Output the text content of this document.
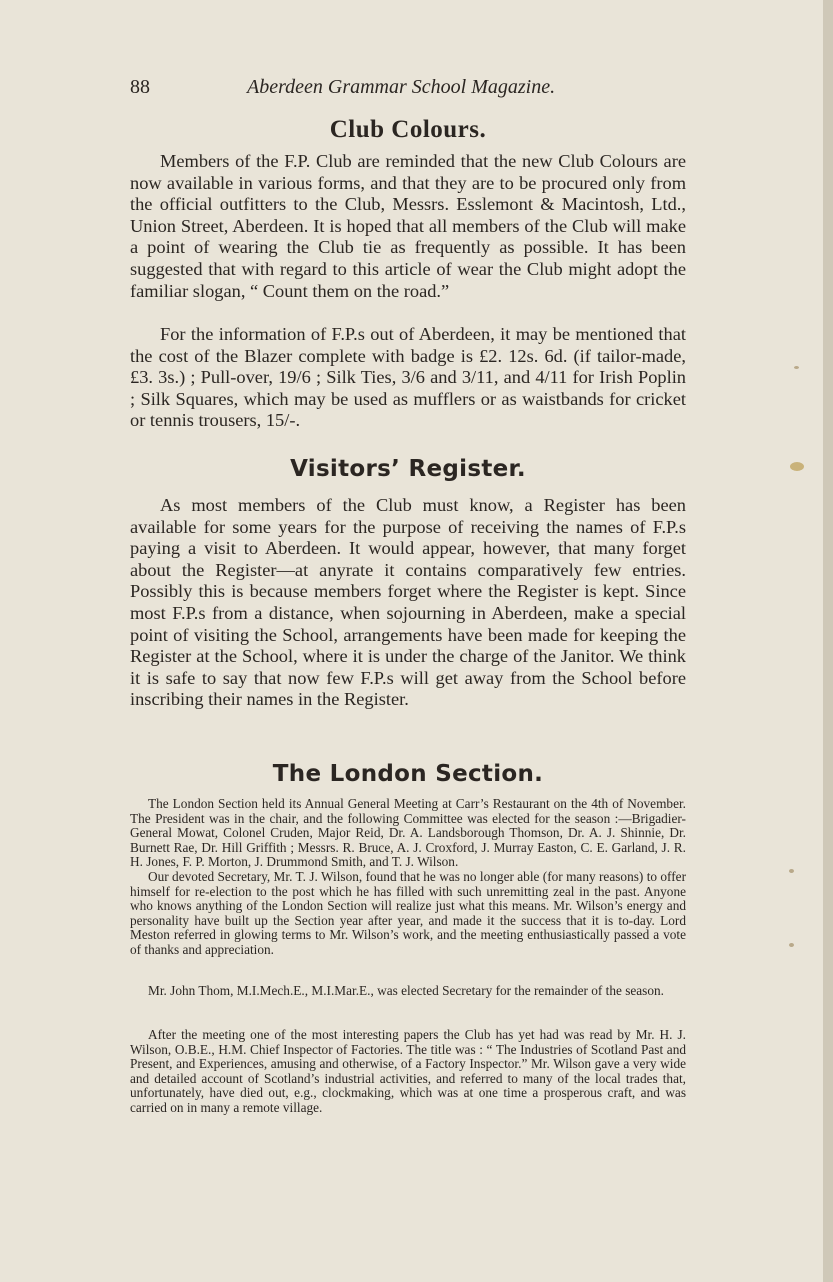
88	Aberdeen Grammar School Magazine.
Club Colours.

Members of the F.P. Club are reminded that the new Club Colours are now available in various forms, and that they are to be procured only from the official outfitters to the Club, Messrs. Esslemont & Macintosh, Ltd., Union Street, Aberdeen. It is hoped that all members of the Club will make a point of wearing the Club tie as frequently as possible. It has been suggested that with regard to this article of wear the Club might adopt the familiar slogan, “ Count them on the road.”

For the information of F.P.s out of Aberdeen, it may be mentioned that the cost of the Blazer complete with badge is £2. 12s. 6d. (if tailor-made, £3. 3s.) ; Pull-over, 19/6 ; Silk Ties, 3/6 and 3/11, and 4/11 for Irish Poplin ; Silk Squares, which may be used as mufflers or as waistbands for cricket or tennis trousers, 15/-.

Visitors’ Register.

As most members of the Club must know, a Register has been available for some years for the purpose of receiving the names of F.P.s paying a visit to Aberdeen. It would appear, however, that many forget about the Register—at anyrate it contains comparatively few entries. Possibly this is because members forget where the Register is kept. Since most F.P.s from a distance, when sojourning in Aberdeen, make a special point of visiting the School, arrangements have been made for keeping the Register at the School, where it is under the charge of the Janitor. We think it is safe to say that now few F.P.s will get away from the School before inscribing their names in the Register.

The London Section.

The London Section held its Annual General Meeting at Carr’s Restaurant on the 4th of November. The President was in the chair, and the following Committee was elected for the season :—Brigadier-General Mowat, Colonel Cruden, Major Reid, Dr. A. Landsborough Thomson, Dr. A. J. Shinnie, Dr. Burnett Rae, Dr. Hill Griffith ; Messrs. R. Bruce, A. J. Croxford, J. Murray Easton, C. E. Garland, J. R. H. Jones, F. P. Morton, J. Drummond Smith, and T. J. Wilson.

Our devoted Secretary, Mr. T. J. Wilson, found that he was no longer able (for many reasons) to offer himself for re-election to the post which he has filled with such unremitting zeal in the past. Anyone who knows anything of the London Section will realize just what this means. Mr. Wilson’s energy and personality have built up the Section year after year, and made it the success that it is to-day. Lord Meston referred in glowing terms to Mr. Wilson’s work, and the meeting enthusiastically passed a vote of thanks and appreciation.

Mr. John Thom, M.I.Mech.E., M.I.Mar.E., was elected Secretary for the remainder of the season.

After the meeting one of the most interesting papers the Club has yet had was read by Mr. H. J. Wilson, O.B.E., H.M. Chief Inspector of Factories. The title was : “ The Industries of Scotland Past and Present, and Experiences, amusing and otherwise, of a Factory Inspector.” Mr. Wilson gave a very wide and detailed account of Scotland’s industrial activities, and referred to many of the local trades that, unfortunately, have died out, e.g., clockmaking, which was at one time a prosperous craft, and was carried on in many a remote village.
